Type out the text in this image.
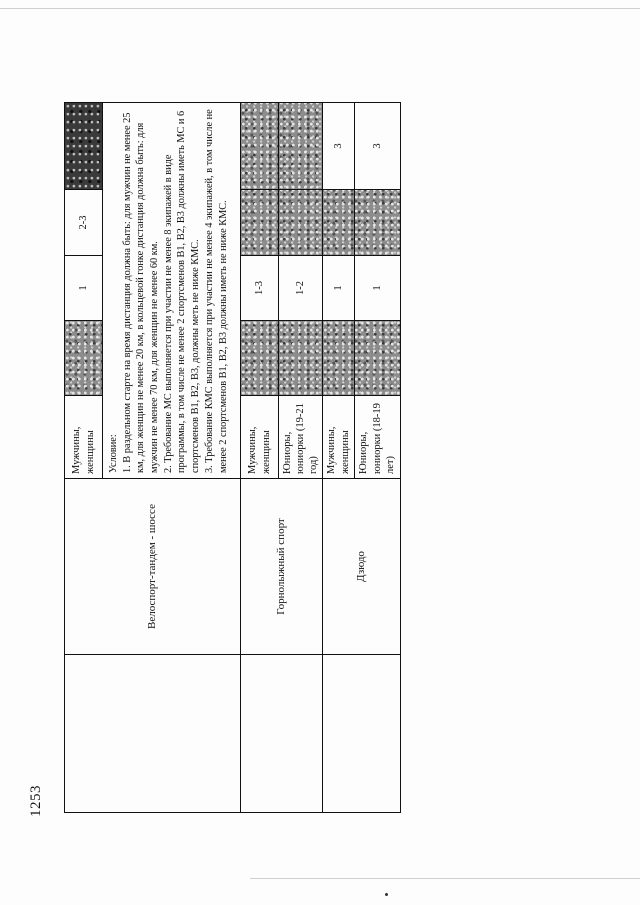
1253
	Велоспорт-тандем - шоссе	Мужчины, женщины		1	2-3	

		Условие: 1. В раздельном старте на время дистанция должна быть: для мужчин не менее 25 км, для женщин не менее 20 км, в кольцевой гонке дистанция должна быть: для мужчин не менее 70 км, для женщин не менее 60 км. 2. Требование МС выполняется при участии не менее 8 экипажей в виде программы, в том числе не менее 2 спортсменов В1, В2, В3 должны иметь МС и 6 спортсменов В1, В2, В3, должны меть не ниже КМС. 3. Требование КМС выполняется при участии не менее 4 экипажей, в том числе не менее 2 спортсменов В1, В2, В3 должны иметь не ниже КМС.				

	Горнолыжный спорт	Мужчины, женщины		1-3		
		Юниоры, юниорки (19-21 год)		1-2		
	Дзюдо	Мужчины, женщины		1		3
		Юниоры, юниорки (18-19 лет)		1		3
